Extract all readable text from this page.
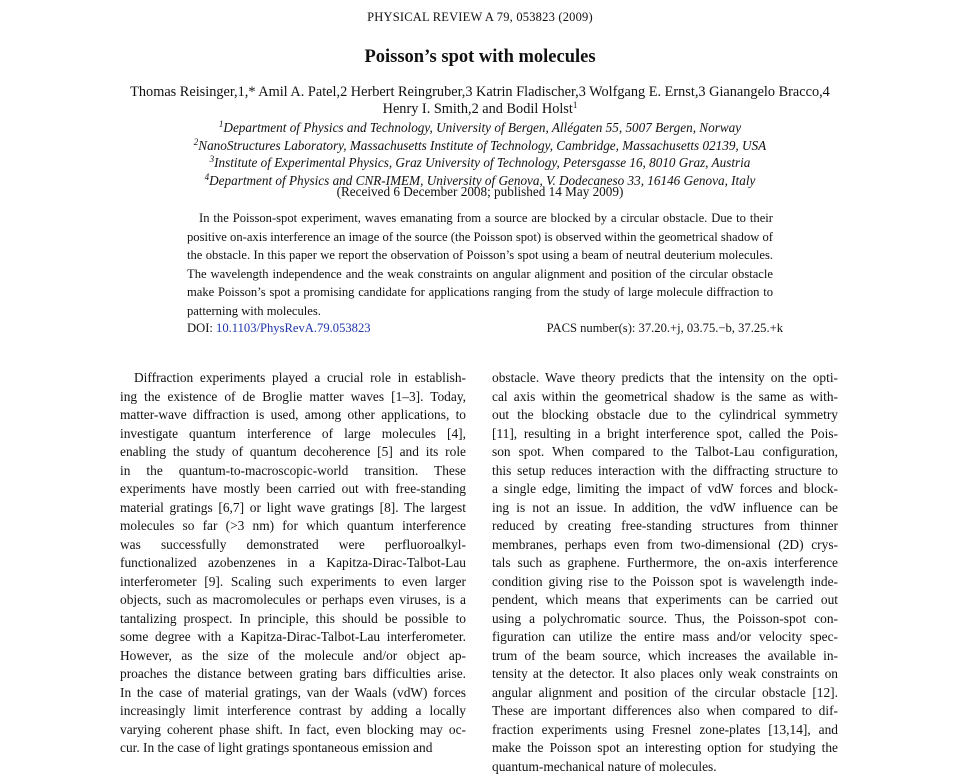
PHYSICAL REVIEW A 79, 053823 (2009)
Poisson’s spot with molecules
Thomas Reisinger,1,* Amil A. Patel,2 Herbert Reingruber,3 Katrin Fladischer,3 Wolfgang E. Ernst,3 Gianangelo Bracco,4
Henry I. Smith,2 and Bodil Holst$^1$
$^1$Department of Physics and Technology, University of Bergen, Allégaten 55, 5007 Bergen, Norway
$^2$NanoStructures Laboratory, Massachusetts Institute of Technology, Cambridge, Massachusetts 02139, USA
$^3$Institute of Experimental Physics, Graz University of Technology, Petersgasse 16, 8010 Graz, Austria
$^4$Department of Physics and CNR-IMEM, University of Genova, V. Dodecaneso 33, 16146 Genova, Italy
(Received 6 December 2008; published 14 May 2009)

In the Poisson-spot experiment, waves emanating from a source are blocked by a circular obstacle. Due to their positive on-axis interference an image of the source (the Poisson spot) is observed within the geometrical shadow of the obstacle. In this paper we report the observation of Poisson’s spot using a beam of neutral deuterium molecules. The wavelength independence and the weak constraints on angular alignment and position of the circular obstacle make Poisson’s spot a promising candidate for applications ranging from the study of large molecule diffraction to patterning with molecules.

DOI: 10.1103/PhysRevA.79.053823	PACS number(s): 37.20.+j, 03.75.−b, 37.25.+k
Diffraction experiments played a crucial role in establish-
ing the existence of de Broglie matter waves [1–3]. Today,
matter-wave diffraction is used, among other applications, to
investigate quantum interference of large molecules [4],
enabling the study of quantum decoherence [5] and its role
in the quantum-to-macroscopic-world transition. These
experiments have mostly been carried out with free-standing
material gratings [6,7] or light wave gratings [8]. The largest
molecules so far (>3 nm) for which quantum interference
was successfully demonstrated were perfluoroalkyl-
functionalized azobenzenes in a Kapitza-Dirac-Talbot-Lau
interferometer [9]. Scaling such experiments to even larger
objects, such as macromolecules or perhaps even viruses, is a
tantalizing prospect. In principle, this should be possible to
some degree with a Kapitza-Dirac-Talbot-Lau interferometer.
However, as the size of the molecule and/or object ap-
proaches the distance between grating bars difficulties arise.
In the case of material gratings, van der Waals (vdW) forces
increasingly limit interference contrast by adding a locally
varying coherent phase shift. In fact, even blocking may oc-
cur. In the case of light gratings spontaneous emission and
obstacle. Wave theory predicts that the intensity on the opti-
cal axis within the geometrical shadow is the same as with-
out the blocking obstacle due to the cylindrical symmetry
[11], resulting in a bright interference spot, called the Pois-
son spot. When compared to the Talbot-Lau configuration,
this setup reduces interaction with the diffracting structure to
a single edge, limiting the impact of vdW forces and block-
ing is not an issue. In addition, the vdW influence can be
reduced by creating free-standing structures from thinner
membranes, perhaps even from two-dimensional (2D) crys-
tals such as graphene. Furthermore, the on-axis interference
condition giving rise to the Poisson spot is wavelength inde-
pendent, which means that experiments can be carried out
using a polychromatic source. Thus, the Poisson-spot con-
figuration can utilize the entire mass and/or velocity spec-
trum of the beam source, which increases the available in-
tensity at the detector. It also places only weak constraints on
angular alignment and position of the circular obstacle [12].
These are important differences also when compared to dif-
fraction experiments using Fresnel zone-plates [13,14], and
make the Poisson spot an interesting option for studying the
quantum-mechanical nature of molecules.
